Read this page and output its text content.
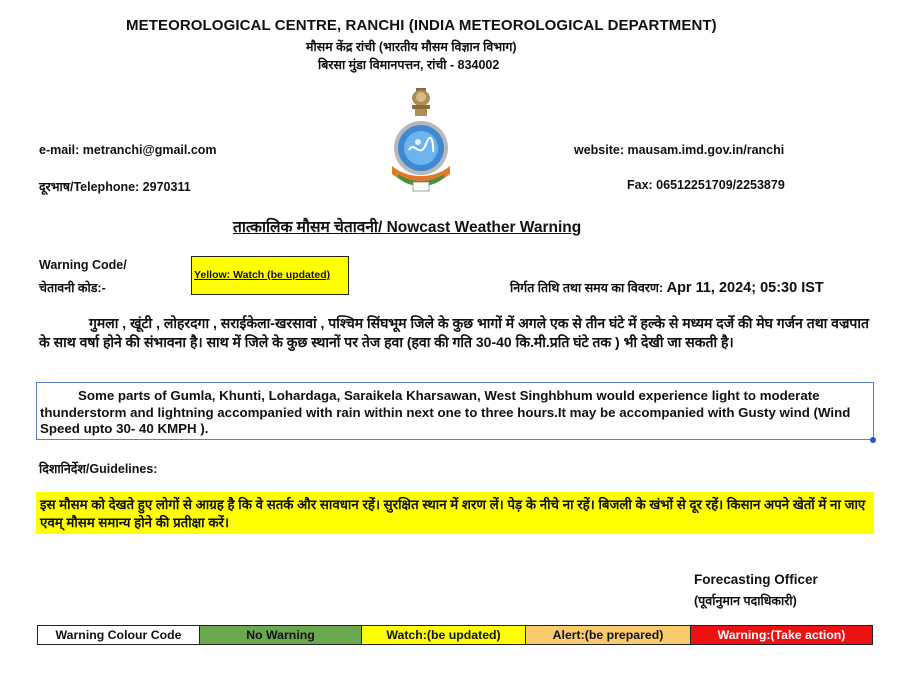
METEOROLOGICAL CENTRE, RANCHI (INDIA METEOROLOGICAL DEPARTMENT)
मौसम केंद्र रांची (भारतीय मौसम विज्ञान विभाग)
बिरसा मुंडा विमानपत्तन, रांची - 834002
e-mail: metranchi@gmail.com	website: mausam.imd.gov.in/ranchi
दूरभाष/Telephone: 2970311	Fax: 06512251709/2253879
तात्कालिक मौसम चेतावनी/ Nowcast Weather Warning
Warning Code/
चेतावनी कोड:-
Yellow: Watch (be updated)
निर्गत तिथि तथा समय का विवरण: Apr 11, 2024; 05:30 IST
गुमला , खूंटी , लोहरदगा , सराईकेला-खरसावां , पश्चिम सिंघभूम जिले के कुछ भागों में अगले एक से तीन घंटे में हल्के से मध्यम दर्जे की मेघ गर्जन तथा वज्रपात के साथ वर्षा होने की संभावना है। साथ में जिले के कुछ स्थानों पर तेज हवा (हवा की गति 30-40 कि.मी.प्रति घंटे तक ) भी देखी जा सकती है।

Some parts of Gumla, Khunti, Lohardaga, Saraikela Kharsawan, West Singhbhum would experience light to moderate thunderstorm and lightning accompanied with rain within next one to three hours.It may be accompanied with Gusty wind (Wind Speed upto 30- 40 KMPH ).

दिशानिर्देश/Guidelines:

इस मौसम को देखते हुए लोगों से आग्रह है कि वे सतर्क और सावधान रहें। सुरक्षित स्थान में शरण लें। पेड़ के नीचे ना रहें। बिजली के खंभों से दूर रहें। किसान अपने खेतों में ना जाए एवम् मौसम समान्य होने की प्रतीक्षा करें।

Forecasting Officer
(पूर्वानुमान पदाधिकारी)
Warning Colour Code	No Warning	Watch:(be updated)	Alert:(be prepared)	Warning:(Take action)
